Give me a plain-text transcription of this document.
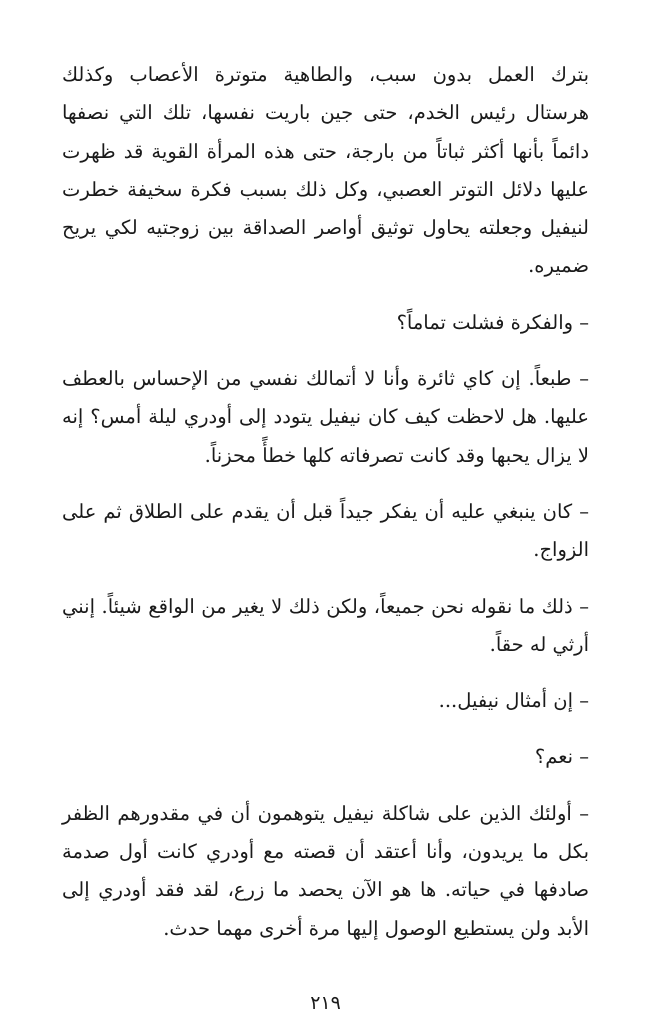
بترك العمل بدون سبب، والطاهية متوترة الأعصاب وكذلك هرستال رئيس الخدم، حتى جين باريت نفسها، تلك التي نصفها دائماً بأنها أكثر ثباتاً من بارجة، حتى هذه المرأة القوية قد ظهرت عليها دلائل التوتر العصبي، وكل ذلك بسبب فكرة سخيفة خطرت لنيفيل وجعلته يحاول توثيق أواصر الصداقة بين زوجتيه لكي يريح ضميره.

– والفكرة فشلت تماماً؟

– طبعاً. إن كاي ثائرة وأنا لا أتمالك نفسي من الإحساس بالعطف عليها. هل لاحظت كيف كان نيفيل يتودد إلى أودري ليلة أمس؟ إنه لا يزال يحبها وقد كانت تصرفاته كلها خطأً محزناً.

– كان ينبغي عليه أن يفكر جيداً قبل أن يقدم على الطلاق ثم على الزواج.

– ذلك ما نقوله نحن جميعاً، ولكن ذلك لا يغير من الواقع شيئاً. إنني أرثي له حقاً.

– إن أمثال نيفيل...

– نعم؟

– أولئك الذين على شاكلة نيفيل يتوهمون أن في مقدورهم الظفر بكل ما يريدون، وأنا أعتقد أن قصته مع أودري كانت أول صدمة صادفها في حياته. ها هو الآن يحصد ما زرع، لقد فقد أودري إلى الأبد ولن يستطيع الوصول إليها مرة أخرى مهما حدث.

٢١٩
